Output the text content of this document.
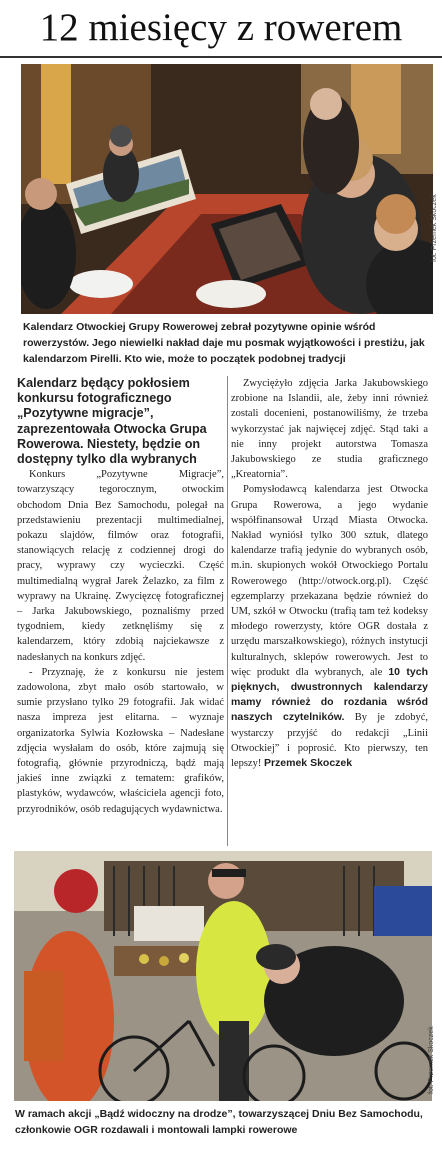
12 miesięcy z rowerem
fot. Przemek Skoczek

Kalendarz Otwockiej Grupy Rowerowej zebrał pozytywne opinie wśród rowerzystów. Jego niewielki nakład daje mu posmak wyjątkowości i prestiżu, jak kalendarzom Pirelli. Kto wie, może to początek podobnej tradycji

Kalendarz będący pokłosiem konkursu fotograficznego „Pozytywne migracje”, zaprezentowała Otwocka Grupa Rowerowa. Niestety, będzie on dostępny tylko dla wybranych

Konkurs „Pozytywne Migracje”, towarzyszący tegorocznym, otwockim obchodom Dnia Bez Samochodu, polegał na przedstawieniu prezentacji multimedialnej, pokazu slajdów, filmów oraz fotografii, stanowiących relację z codziennej drogi do pracy, wyprawy czy wycieczki. Część multimedialną wygrał Jarek Żelazko, za film z wyprawy na Ukrainę. Zwycięzcę fotograficznej – Jarka Jakubowskiego, poznaliśmy przed tygodniem, kiedy zetknęliśmy się z kalendarzem, który zdobią najciekawsze z nadesłanych na konkurs zdjęć.

- Przyznaję, że z konkursu nie jestem zadowolona, zbyt mało osób startowało, w sumie przysłano tylko 29 fotografii. Jak widać nasza impreza jest elitarna. – wyznaje organizatorka Sylwia Kozłowska – Nadesłane zdjęcia wysłałam do osób, które zajmują się fotografią, głównie przyrodniczą, bądź mają jakieś inne związki z tematem: grafików, plastyków, wydawców, właściciela agencji foto, przyrodników, osób redagujących wydawnictwa.

Zwyciężyło zdjęcia Jarka Jakubowskiego zrobione na Islandii, ale, żeby inni również zostali docenieni, postanowiliśmy, że trzeba wykorzystać jak najwięcej zdjęć. Stąd taki a nie inny projekt autorstwa Tomasza Jakubowskiego ze studia graficznego „Kreatornia”.

Pomysłodawcą kalendarza jest Otwocka Grupa Rowerowa, a jego wydanie współfinansował Urząd Miasta Otwocka. Nakład wyniósł tylko 300 sztuk, dlatego kalendarze trafią jedynie do wybranych osób, m.in. skupionych wokół Otwockiego Portalu Rowerowego (http://otwock.org.pl). Część egzemplarzy przekazana będzie również do UM, szkół w Otwocku (trafią tam też kodeksy młodego rowerzysty, które OGR dostała z urzędu marszałkowskiego), różnych instytucji kulturalnych, sklepów rowerowych. Jest to więc produkt dla wybranych, ale 10 tych pięknych, dwustronnych kalendarzy mamy również do rozdania wśród naszych czytelników. By je zdobyć, wystarczy przyjść do redakcji „Linii Otwockiej” i poprosić. Kto pierwszy, ten lepszy! Przemek Skoczek

fot. Przemek Skoczek

W ramach akcji „Bądź widoczny na drodze”, towarzyszącej Dniu Bez Samochodu, członkowie OGR rozdawali i montowali lampki rowerowe
